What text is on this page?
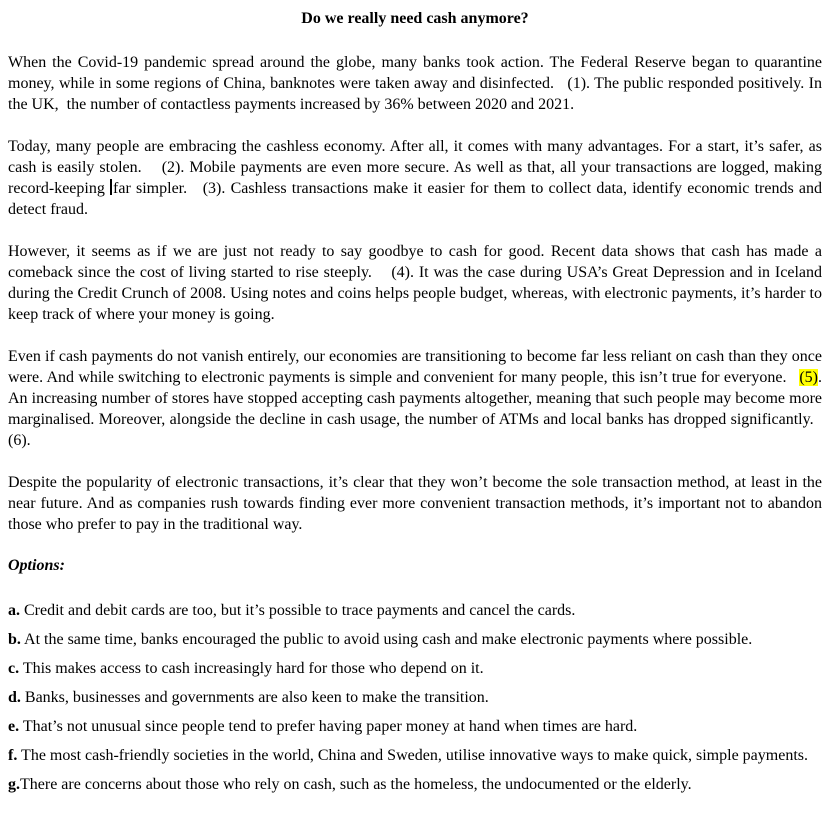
Do we really need cash anymore?

When the Covid-19 pandemic spread around the globe, many banks took action. The Federal Reserve began to quarantine money, while in some regions of China, banknotes were taken away and disinfected.   (1). The public responded positively. In the UK,  the number of contactless payments increased by 36% between 2020 and 2021.

Today, many people are embracing the cashless economy. After all, it comes with many advantages. For a start, it’s safer, as cash is easily stolen.    (2). Mobile payments are even more secure. As well as that, all your transactions are logged, making record-keeping far simpler.   (3). Cashless transactions make it easier for them to collect data, identify economic trends and detect fraud.

However, it seems as if we are just not ready to say goodbye to cash for good. Recent data shows that cash has made a comeback since the cost of living started to rise steeply.    (4). It was the case during USA’s Great Depression and in Iceland during the Credit Crunch of 2008. Using notes and coins helps people budget, whereas, with electronic payments, it’s harder to keep track of where your money is going.

Even if cash payments do not vanish entirely, our economies are transitioning to become far less reliant on cash than they once were. And while switching to electronic payments is simple and convenient for many people, this isn’t true for everyone.   (5). An increasing number of stores have stopped accepting cash payments altogether, meaning that such people may become more marginalised. Moreover, alongside the decline in cash usage, the number of ATMs and local banks has dropped significantly.   (6).

Despite the popularity of electronic transactions, it’s clear that they won’t become the sole transaction method, at least in the near future. And as companies rush towards finding ever more convenient transaction methods, it’s important not to abandon those who prefer to pay in the traditional way.

Options:

a. Credit and debit cards are too, but it’s possible to trace payments and cancel the cards.

b. At the same time, banks encouraged the public to avoid using cash and make electronic payments where possible.

c. This makes access to cash increasingly hard for those who depend on it.

d. Banks, businesses and governments are also keen to make the transition.

e. That’s not unusual since people tend to prefer having paper money at hand when times are hard.

f. The most cash-friendly societies in the world, China and Sweden, utilise innovative ways to make quick, simple payments.

g.There are concerns about those who rely on cash, such as the homeless, the undocumented or the elderly.
